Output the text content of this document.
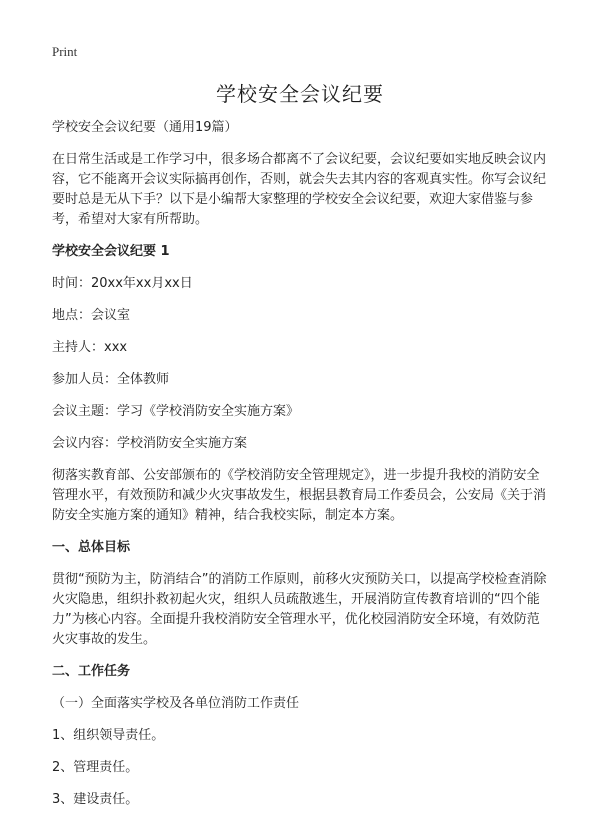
Print
学校安全会议纪要

学校安全会议纪要（通用19篇）

在日常生活或是工作学习中，很多场合都离不了会议纪要，会议纪要如实地反映会议内容，它不能离开会议实际搞再创作，否则，就会失去其内容的客观真实性。你写会议纪要时总是无从下手？以下是小编帮大家整理的学校安全会议纪要，欢迎大家借鉴与参考，希望对大家有所帮助。

学校安全会议纪要 1

时间：20xx年xx月xx日

地点：会议室

主持人：xxx

参加人员：全体教师

会议主题：学习《学校消防安全实施方案》

会议内容：学校消防安全实施方案

彻落实教育部、公安部颁布的《学校消防安全管理规定》，进一步提升我校的消防安全管理水平，有效预防和减少火灾事故发生，根据县教育局工作委员会，公安局《关于消防安全实施方案的通知》精神，结合我校实际，制定本方案。

一、总体目标

贯彻“预防为主，防消结合”的消防工作原则，前移火灾预防关口，以提高学校检查消除火灾隐患，组织扑救初起火灾，组织人员疏散逃生，开展消防宣传教育培训的“四个能力”为核心内容。全面提升我校消防安全管理水平，优化校园消防安全环境，有效防范火灾事故的发生。

二、工作任务

（一）全面落实学校及各单位消防工作责任

1、组织领导责任。

2、管理责任。

3、建设责任。
